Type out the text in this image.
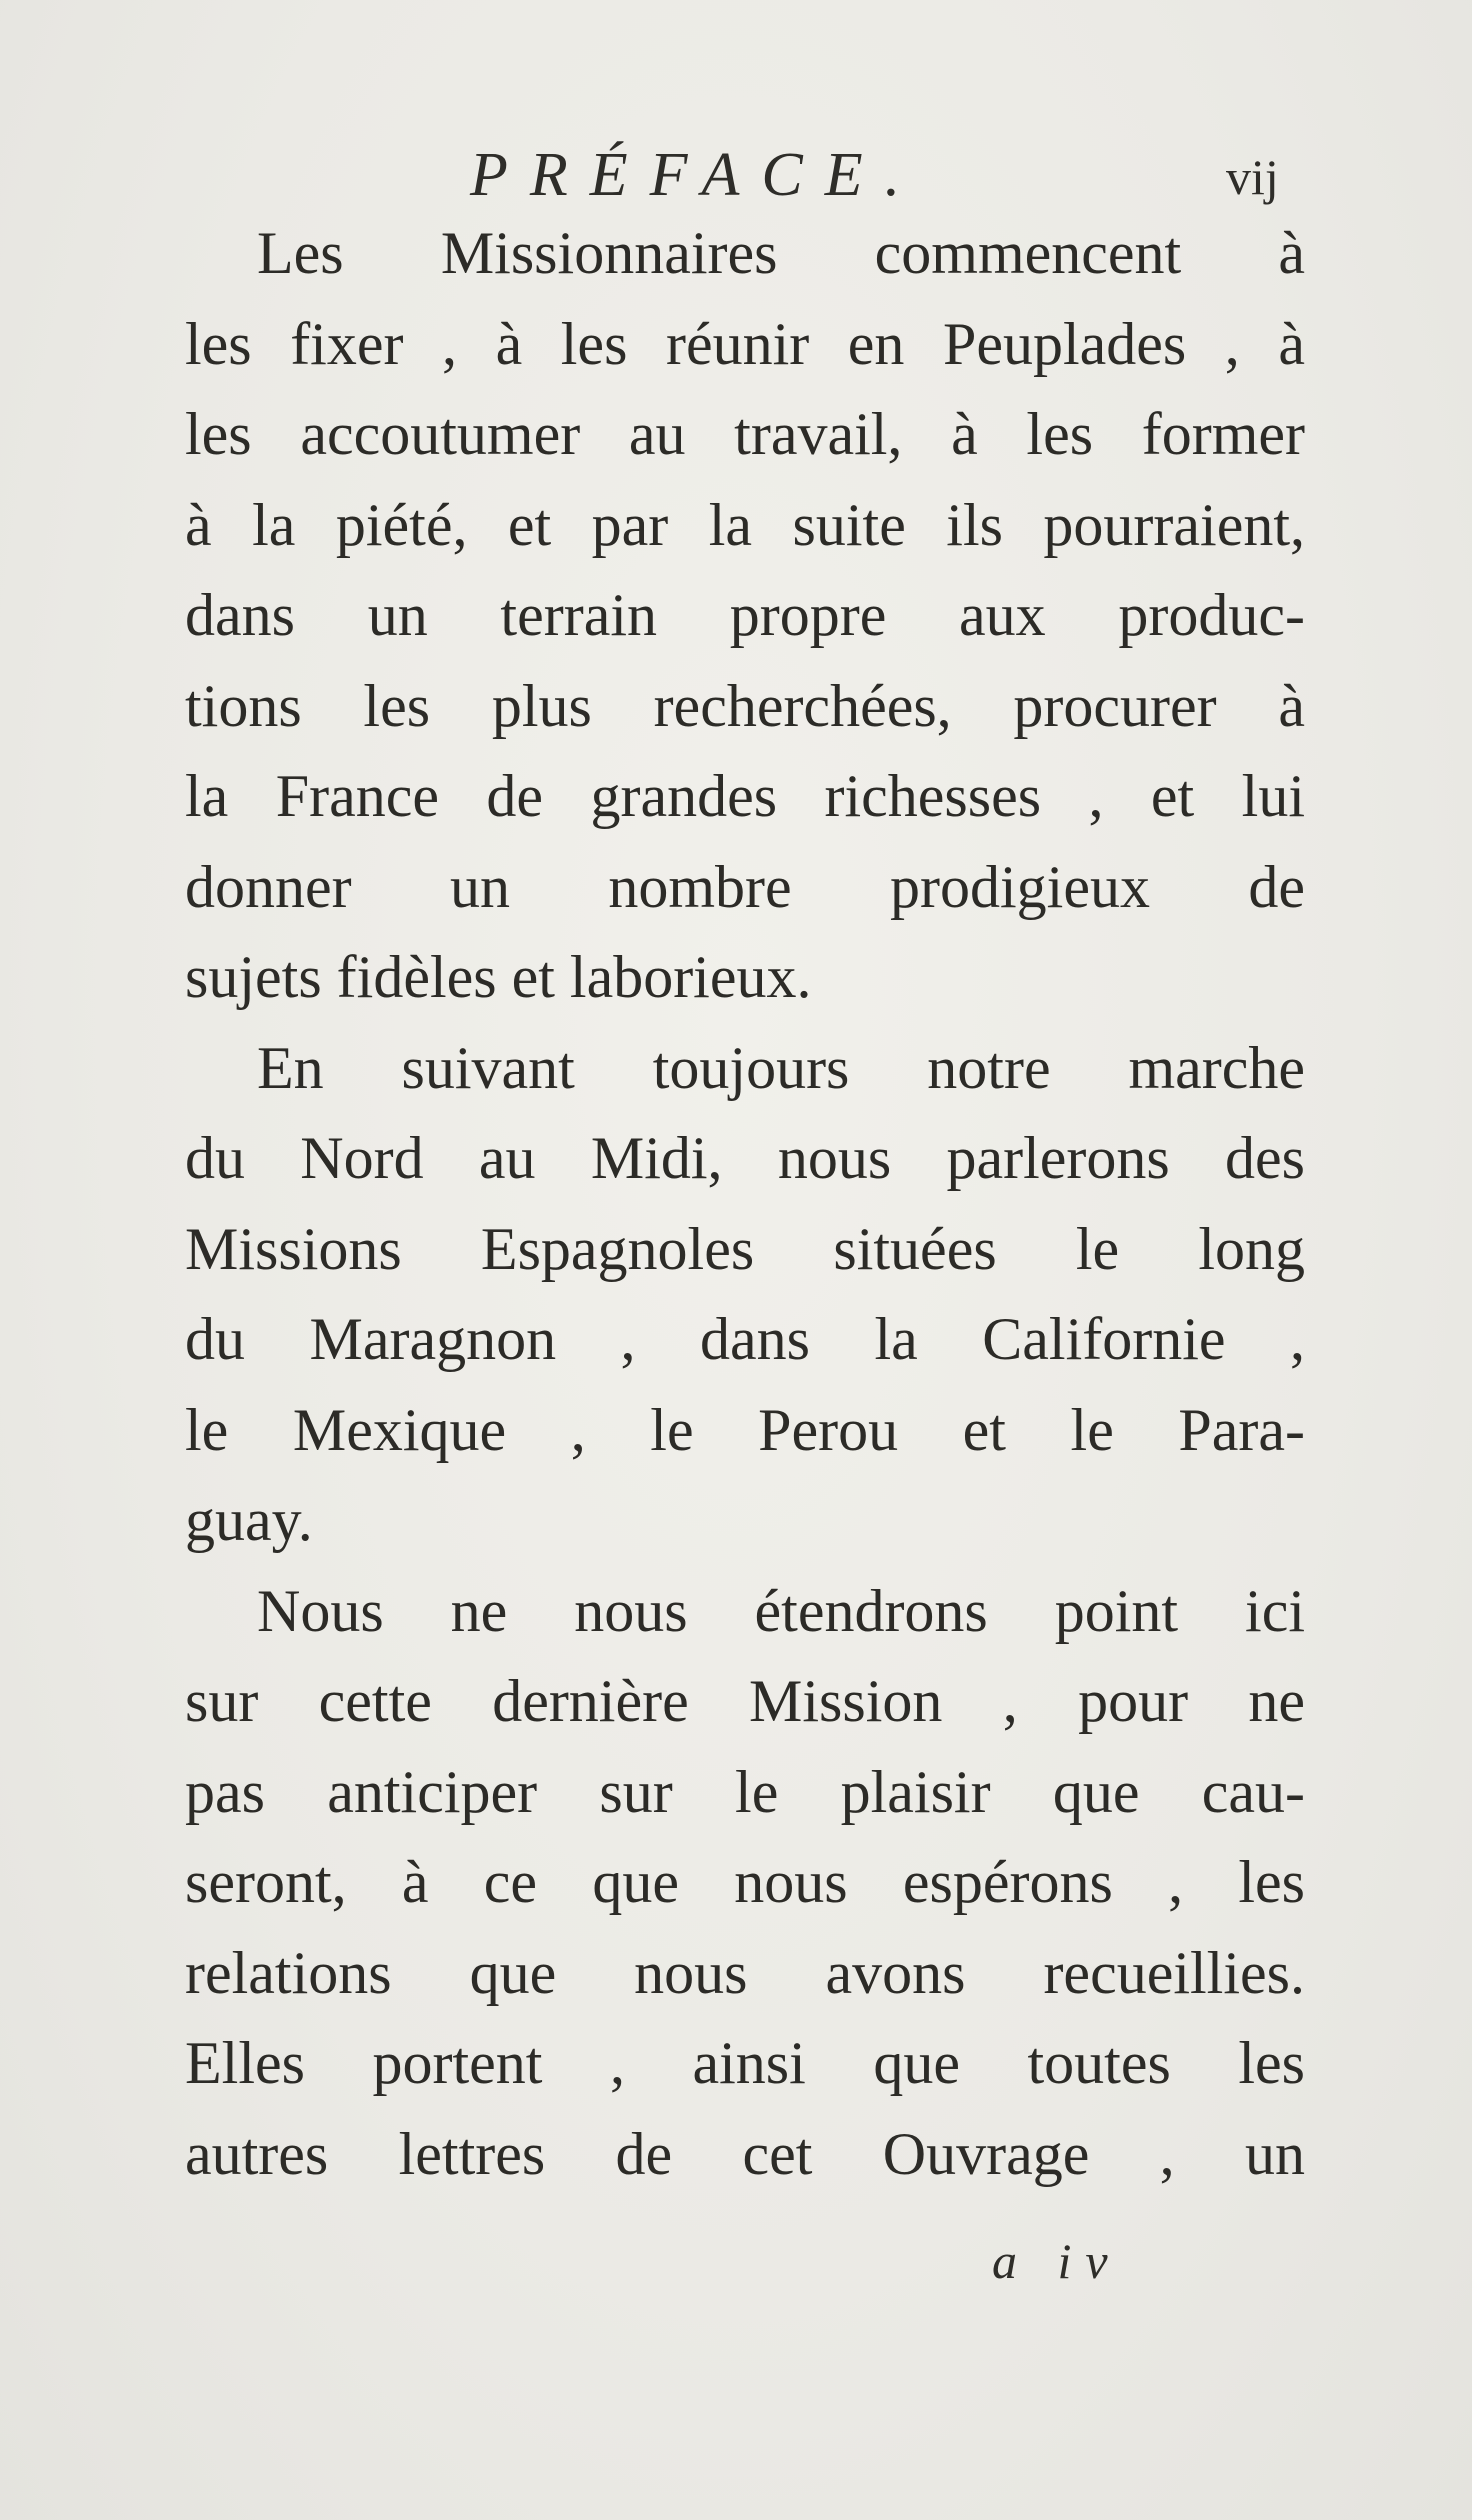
PRÉFACE.	vij
Les Missionnaires commencent à
les fixer , à les réunir en Peuplades , à
les accoutumer au travail, à les former
à la piété, et par la suite ils pourraient,
dans un terrain propre aux produc-
tions les plus recherchées, procurer à
la France de grandes richesses , et lui
donner un nombre prodigieux de
sujets fidèles et laborieux.
En suivant toujours notre marche
du Nord au Midi, nous parlerons des
Missions Espagnoles situées le long
du Maragnon , dans la Californie ,
le Mexique , le Perou et le Para-
guay.
Nous ne nous étendrons point ici
sur cette dernière Mission , pour ne
pas anticiper sur le plaisir que cau-
seront, à ce que nous espérons , les
relations que nous avons recueillies.
Elles portent , ainsi que toutes les
autres lettres de cet Ouvrage , un
a iv
